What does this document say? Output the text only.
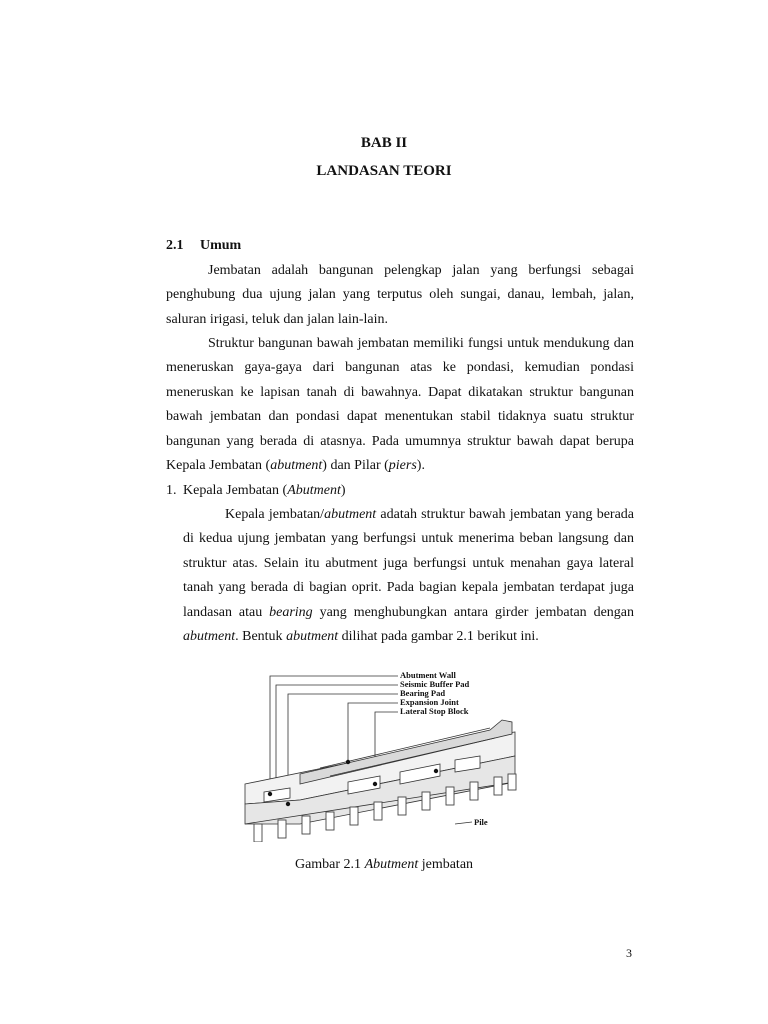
BAB II

LANDASAN TEORI

2.1 Umum

Jembatan adalah bangunan pelengkap jalan yang berfungsi sebagai penghubung dua ujung jalan yang terputus oleh sungai, danau, lembah, jalan, saluran irigasi, teluk dan jalan lain-lain.

Struktur bangunan bawah jembatan memiliki fungsi untuk mendukung dan meneruskan gaya-gaya dari bangunan atas ke pondasi, kemudian pondasi meneruskan ke lapisan tanah di bawahnya. Dapat dikatakan struktur bangunan bawah jembatan dan pondasi dapat menentukan stabil tidaknya suatu struktur bangunan yang berada di atasnya. Pada umumnya struktur bawah dapat berupa Kepala Jembatan (abutment) dan Pilar (piers).

1. Kepala Jembatan (Abutment)

Kepala jembatan/abutment adatah struktur bawah jembatan yang berada di kedua ujung jembatan yang berfungsi untuk menerima beban langsung dan struktur atas. Selain itu abutment juga berfungsi untuk menahan gaya lateral tanah yang berada di bagian oprit. Pada bagian kepala jembatan terdapat juga landasan atau bearing yang menghubungkan antara girder jembatan dengan abutment. Bentuk abutment dilihat pada gambar 2.1 berikut ini.

Abutment Wall
Seismic Buffer Pad
Bearing Pad
Expansion Joint
Lateral Stop Block
Pile

Gambar 2.1 Abutment jembatan

3
